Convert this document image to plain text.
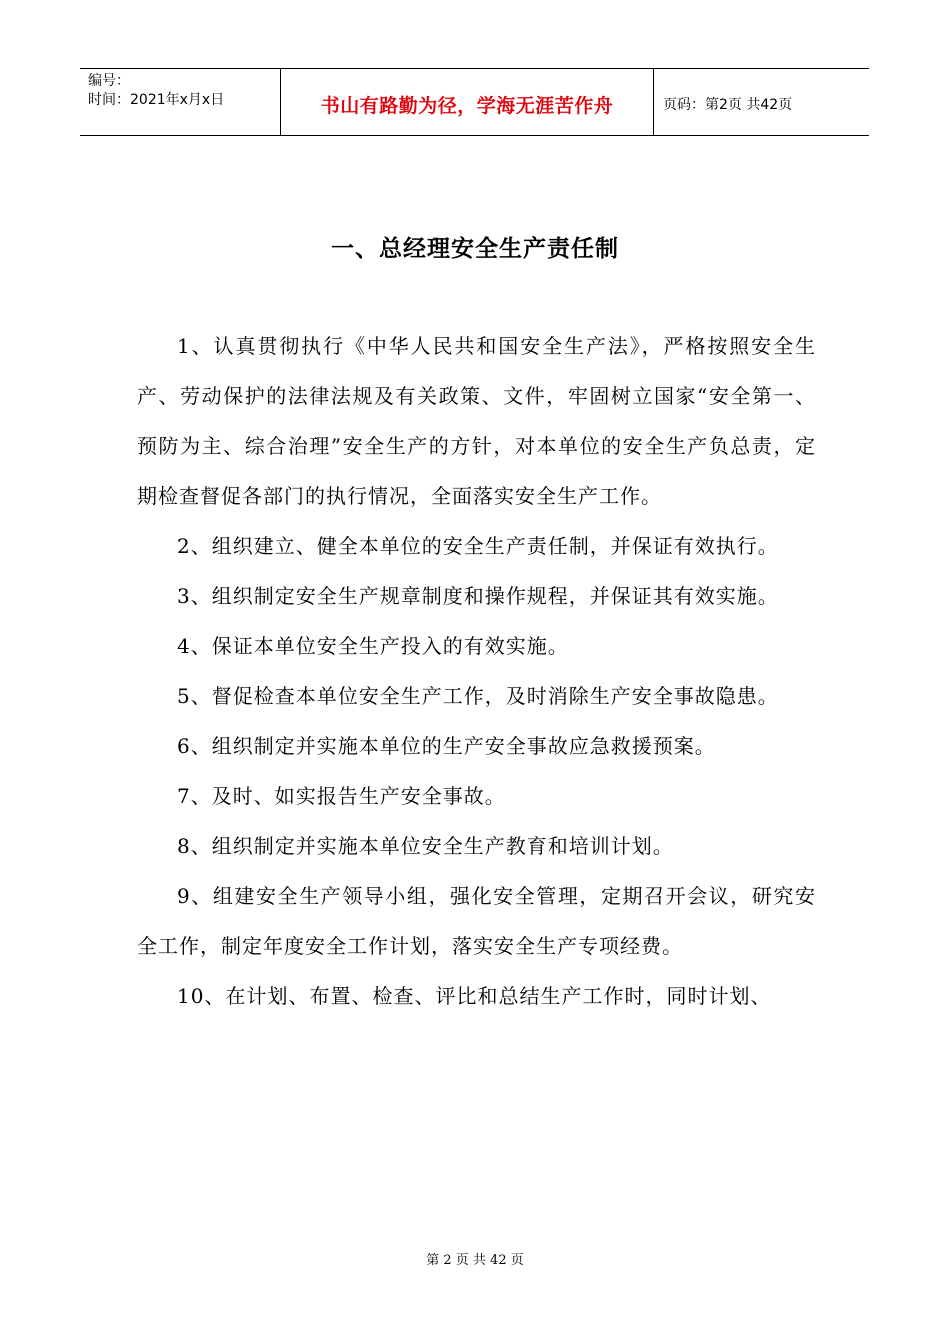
编号：
时间：2021年x月x日	书山有路勤为径，学海无涯苦作舟	页码：第2页 共42页
一、总经理安全生产责任制

1、认真贯彻执行《中华人民共和国安全生产法》，严格按照安全生产、劳动保护的法律法规及有关政策、文件，牢固树立国家“安全第一、预防为主、综合治理”安全生产的方针，对本单位的安全生产负总责，定期检查督促各部门的执行情况，全面落实安全生产工作。

2、组织建立、健全本单位的安全生产责任制，并保证有效执行。

3、组织制定安全生产规章制度和操作规程，并保证其有效实施。

4、保证本单位安全生产投入的有效实施。

5、督促检查本单位安全生产工作，及时消除生产安全事故隐患。

6、组织制定并实施本单位的生产安全事故应急救援预案。

7、及时、如实报告生产安全事故。

8、组织制定并实施本单位安全生产教育和培训计划。

9、组建安全生产领导小组，强化安全管理，定期召开会议，研究安全工作，制定年度安全工作计划，落实安全生产专项经费。

10、在计划、布置、检查、评比和总结生产工作时，同时计划、

第 2 页 共 42 页
